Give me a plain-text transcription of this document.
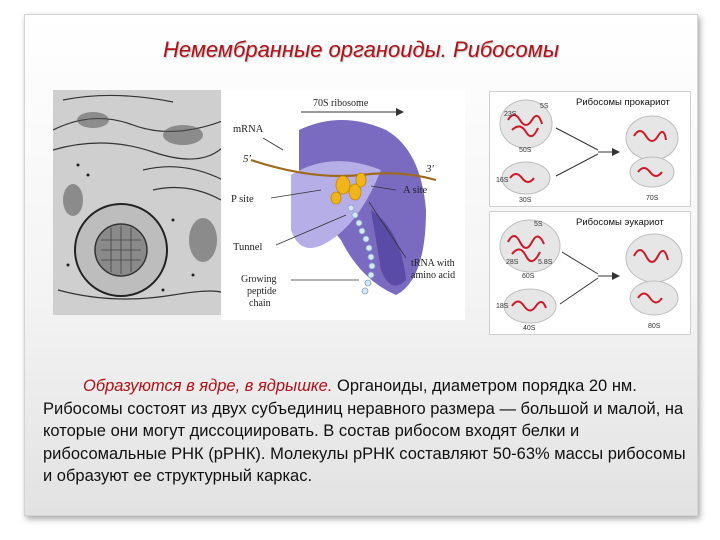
Немембранные органоиды. Рибосомы
70S ribosome
mRNA
5′
3′
P site
A site
Tunnel
tRNA with
amino acid
Growing
peptide
chain
Рибосомы прокариот
23S
5S
50S
16S
30S	70S
Рибосомы эукариот
5S
28S	5.8S
60S
18S
40S	80S
Образуются в ядре, в ядрышке. Органоиды, диаметром порядка 20 нм. Рибосомы состоят из двух субъединиц неравного размера — большой и малой, на которые они могут диссоциировать. В состав рибосом входят белки и рибосомальные РНК (рРНК). Молекулы рРНК составляют 50-63% массы рибосомы и образуют ее структурный каркас.
